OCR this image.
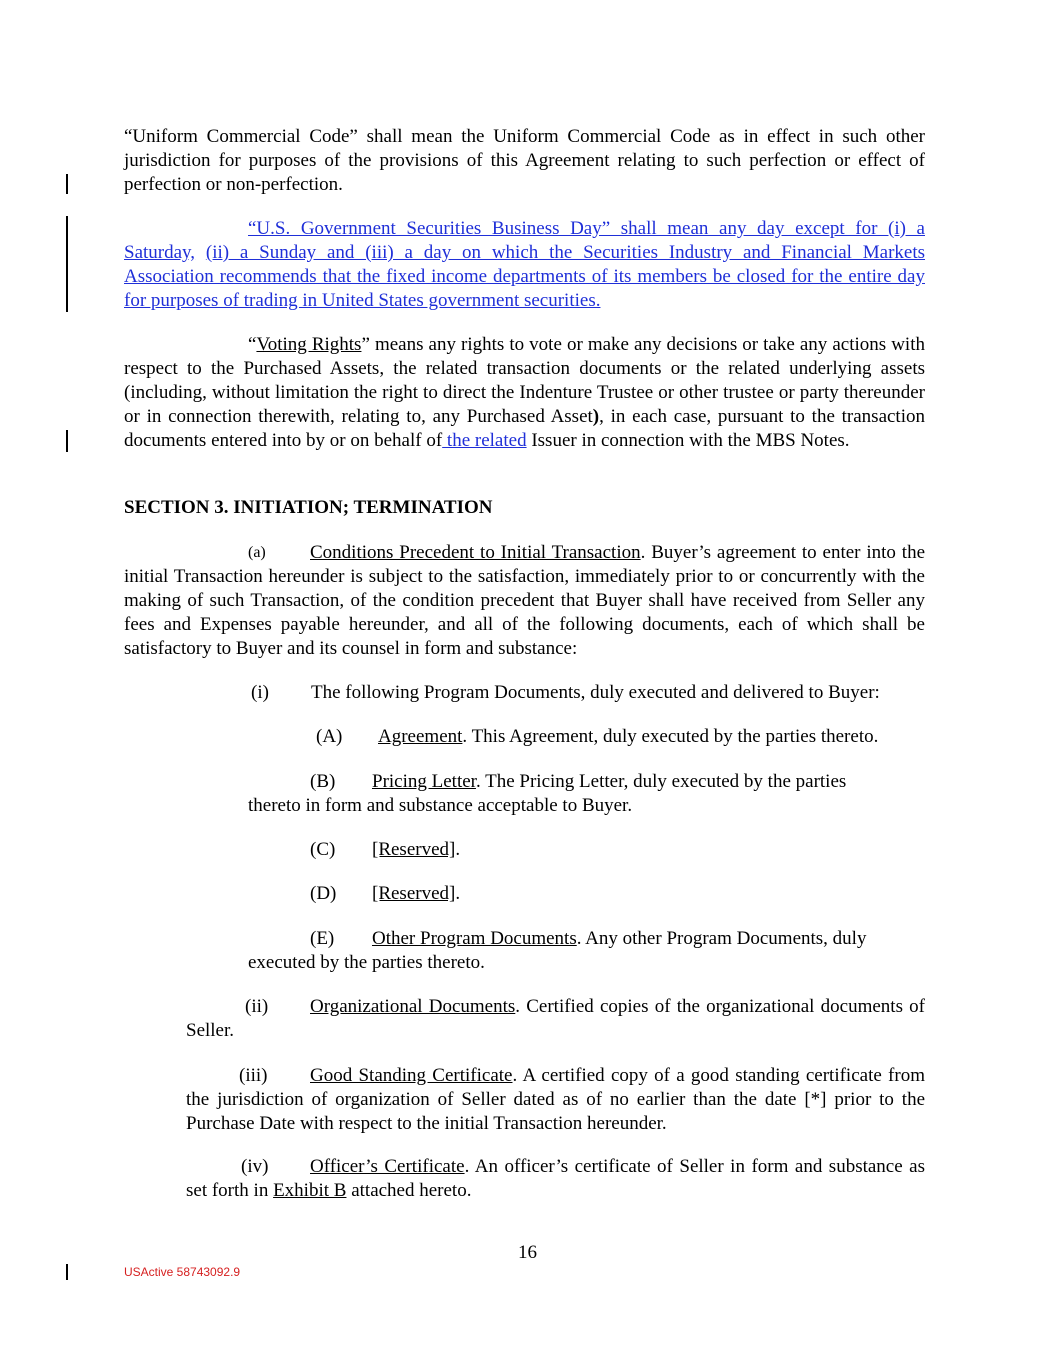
“Uniform Commercial Code” shall mean the Uniform Commercial Code as in effect in such other jurisdiction for purposes of the provisions of this Agreement relating to such perfection or effect of perfection or non-perfection.

“U.S. Government Securities Business Day” shall mean any day except for (i) a Saturday, (ii) a Sunday and (iii) a day on which the Securities Industry and Financial Markets Association recommends that the fixed income departments of its members be closed for the entire day for purposes of trading in United States government securities.

“Voting Rights” means any rights to vote or make any decisions or take any actions with respect to the Purchased Assets, the related transaction documents or the related underlying assets (including, without limitation the right to direct the Indenture Trustee or other trustee or party thereunder or in connection therewith, relating to, any Purchased Asset), in each case, pursuant to the transaction documents entered into by or on behalf of the related Issuer in connection with the MBS Notes.

SECTION 3. INITIATION; TERMINATION

(a)	Conditions Precedent to Initial Transaction. Buyer’s agreement to enter into the initial Transaction hereunder is subject to the satisfaction, immediately prior to or concurrently with the making of such Transaction, of the condition precedent that Buyer shall have received from Seller any fees and Expenses payable hereunder, and all of the following documents, each of which shall be satisfactory to Buyer and its counsel in form and substance:

(i) The following Program Documents, duly executed and delivered to Buyer:
(A) Agreement. This Agreement, duly executed by the parties thereto.
(B) Pricing Letter. The Pricing Letter, duly executed by the parties
thereto in form and substance acceptable to Buyer.
(C) [Reserved].
(D) [Reserved].
(E) Other Program Documents. Any other Program Documents, duly
executed by the parties thereto.
(ii)	Organizational Documents. Certified copies of the organizational documents of Seller.

(iii)	Good Standing Certificate. A certified copy of a good standing certificate from the jurisdiction of organization of Seller dated as of no earlier than the date [*] prior to the Purchase Date with respect to the initial Transaction hereunder.

(iv)	Officer’s Certificate. An officer’s certificate of Seller in form and substance as set forth in Exhibit B attached hereto.

16
USActive 58743092.9
